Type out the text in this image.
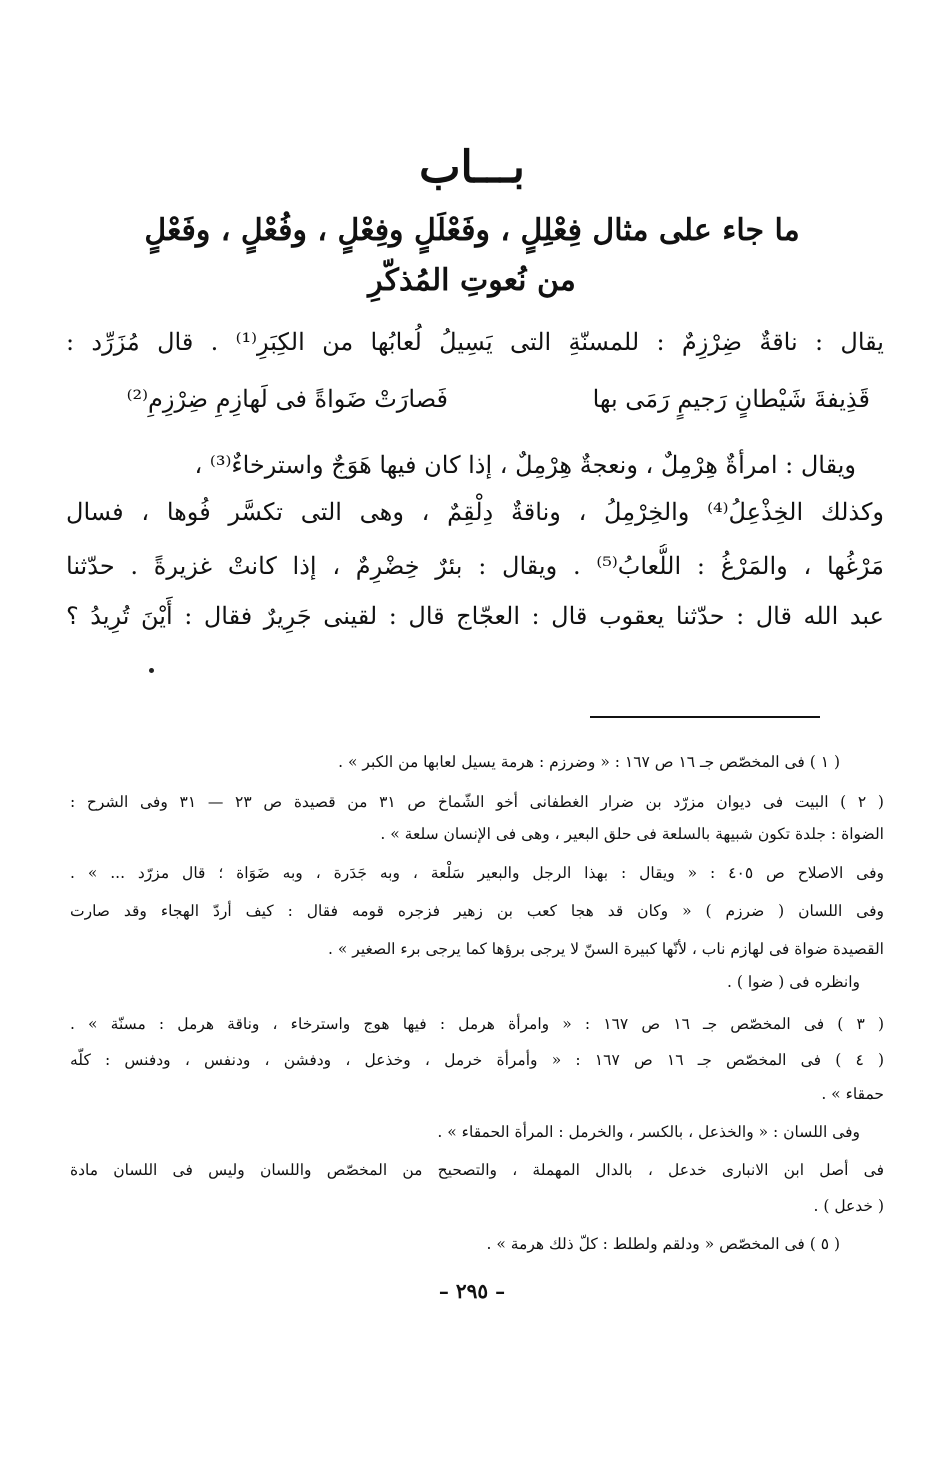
بـــاب
ما جاء على مثال فِعْلِلٍ ، وفَعْلَلٍ وفِعْلٍ ، وفُعْلٍ ، وفَعْلٍ
من نُعوتِ المُذكّرِ
يقال : ناقةٌ ضِرْزِمٌ : للمسنّةِ التى يَسِيلُ لُعابُها من الكِبَرِ⁽¹⁾ . قال مُزَرِّد :
قَذِيفةَ شَيْطانٍ رَجيمٍ رَمَى بها
فَصارَتْ ضَواةً فى لَهازِمِ ضِرْزِمِ⁽²⁾
ويقال : امرأةٌ هِرْمِلٌ ، ونعجةٌ هِرْمِلٌ ، إذا كان فيها هَوَجٌ واسترخاءٌ⁽³⁾ ،
وكذلك الخِذْعِلُ⁽⁴⁾ والخِرْمِلُ ، وناقةٌ دِلْقِمٌ ، وهى التى تكسَّر فُوها ، فسال
مَرْغُها ، والمَرْغُ : اللُّعابُ⁽⁵⁾ . ويقال : بئرٌ خِضْرِمٌ ، إذا كانتْ غزيرةً . حدّثنا
عبد الله قال : حدّثنا يعقوب قال : العجّاج قال : لقينى جَرِيرٌ فقال : أَيْنَ تُرِيدُ ؟
( ١ ) فى المخصّص جـ ١٦ ص ١٦٧ : « وضرزم : هرمة يسيل لعابها من الكبر » .
( ٢ ) البيت فى ديوان مزرّد بن ضرار الغطفانى أخو الشّماخ ص ٣١ من قصيدة ص ٢٣ — ٣١ وفى الشرح :
الضواة : جلدة تكون شبيهة بالسلعة فى حلق البعير ، وهى فى الإنسان سلعة » .
وفى الاصلاح ص ٤٠٥ : « ويقال : بهذا الرجل والبعير سَلْعة ، وبه جَدَرة ، وبه ضَوَاة ؛ قال مزرّد ... » .
وفى اللسان ( ضرزم ) « وكان قد هجا كعب بن زهير فزجره قومه فقال : كيف أردّ الهجاء وقد صارت
القصيدة ضواة فى لهازم ناب ، لأنّها كبيرة السنّ لا يرجى برؤها كما يرجى برء الصغير » .
وانظره فى ( ضوا ) .
( ٣ ) فى المخصّص جـ ١٦ ص ١٦٧ : « وامرأة هرمل : فيها هوج واسترخاء ، وناقة هرمل : مسنّة » .
( ٤ ) فى المخصّص جـ ١٦ ص ١٦٧ : « وأمرأة خرمل ، وخذعل ، ودفشن ، ودنفس ، ودفنس : كلّه
حمقاء » .
وفى اللسان : « والخذعل ، بالكسر ، والخرمل : المرأة الحمقاء » .
فى أصل ابن الانبارى خدعل ، بالدال المهملة ، والتصحيح من المخصّص واللسان وليس فى اللسان مادة
( خدعل ) .
( ٥ ) فى المخصّص « ودلقم ولطلط : كلّ ذلك هرمة » .
– ٢٩٥ –
